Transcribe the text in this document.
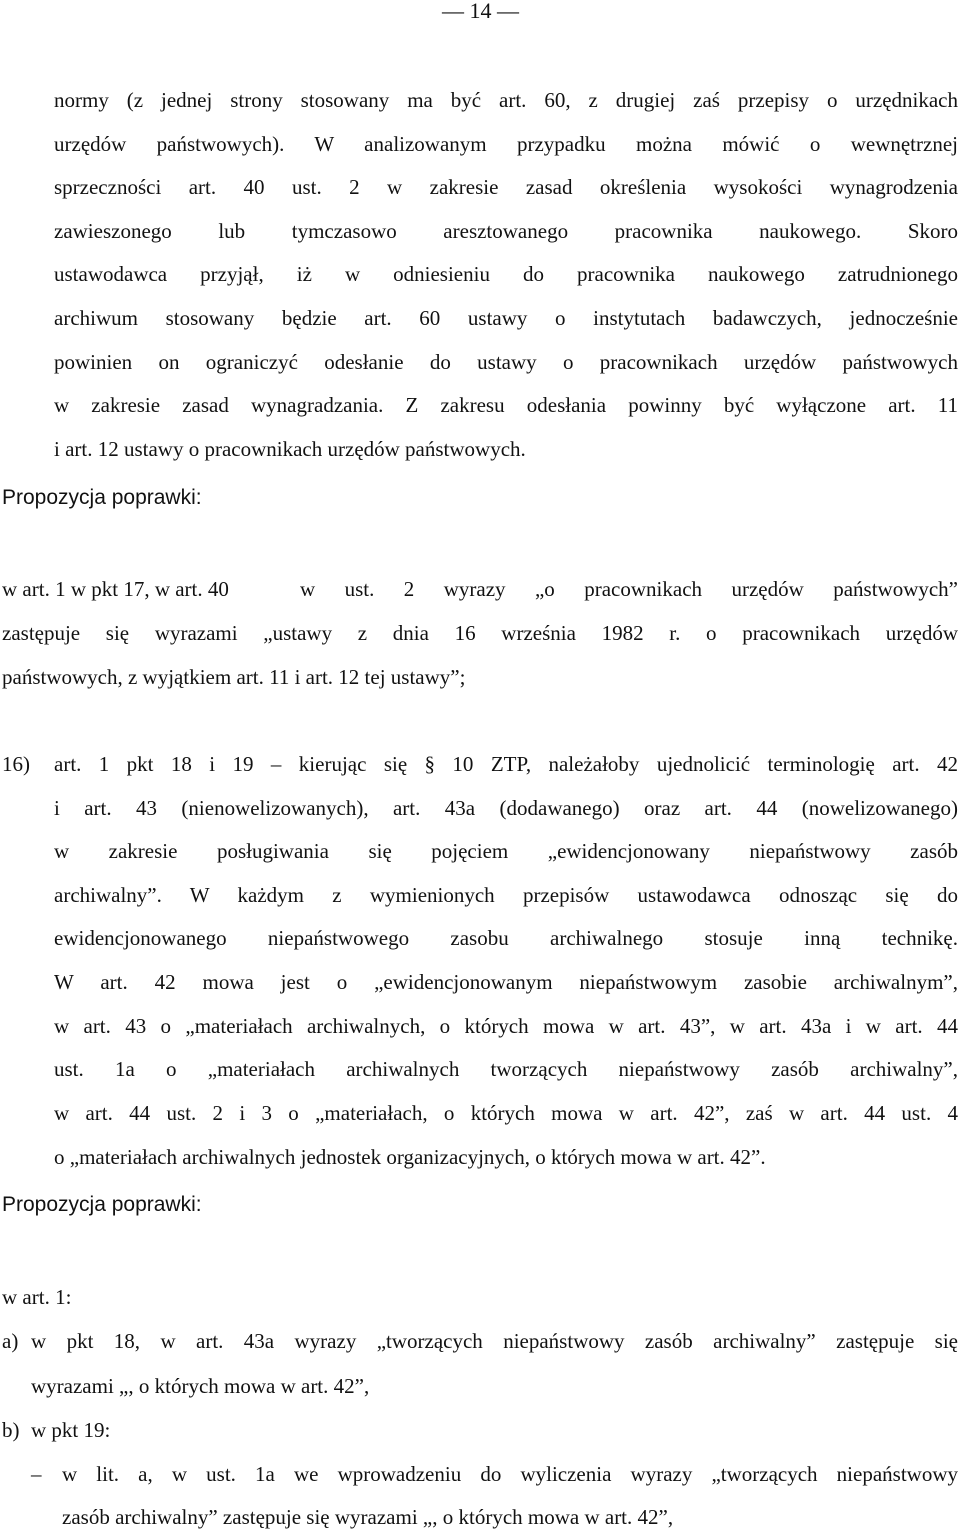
— 14 —
normy (z jednej strony stosowany ma być art. 60, z drugiej zaś przepisy o urzędnikach
urzędów państwowych). W analizowanym przypadku można mówić o wewnętrznej
sprzeczności art. 40 ust. 2 w zakresie zasad określenia wysokości wynagrodzenia
zawieszonego lub tymczasowo aresztowanego pracownika naukowego. Skoro
ustawodawca przyjął, iż w odniesieniu do pracownika naukowego zatrudnionego
archiwum stosowany będzie art. 60 ustawy o instytutach badawczych, jednocześnie
powinien on ograniczyć odesłanie do ustawy o pracownikach urzędów państwowych
w zakresie zasad wynagradzania. Z zakresu odesłania powinny być wyłączone art. 11
i art. 12 ustawy o pracownikach urzędów państwowych.
Propozycja poprawki:
w art. 1 w pkt 17, w art. 40	w ust. 2 wyrazy „o pracownikach urzędów państwowych”
zastępuje się wyrazami „ustawy z dnia 16 września 1982 r. o pracownikach urzędów
państwowych, z wyjątkiem art. 11 i art. 12 tej ustawy”;
16) art. 1 pkt 18 i 19 – kierując się § 10 ZTP, należałoby ujednolicić terminologię art. 42
i art. 43 (nienowelizowanych), art. 43a (dodawanego) oraz art. 44 (nowelizowanego)
w zakresie posługiwania się pojęciem „ewidencjonowany niepaństwowy zasób
archiwalny”. W każdym z wymienionych przepisów ustawodawca odnosząc się do
ewidencjonowanego niepaństwowego zasobu archiwalnego stosuje inną technikę.
W art. 42 mowa jest o „ewidencjonowanym niepaństwowym zasobie archiwalnym”,
w art. 43 o „materiałach archiwalnych, o których mowa w art. 43”, w art. 43a i w art. 44
ust. 1a o „materiałach archiwalnych tworzących niepaństwowy zasób archiwalny”,
w art. 44 ust. 2 i 3 o „materiałach, o których mowa w art. 42”, zaś w art. 44 ust. 4
o „materiałach archiwalnych jednostek organizacyjnych, o których mowa w art. 42”.
Propozycja poprawki:
w art. 1:
a) w pkt 18, w art. 43a wyrazy „tworzących niepaństwowy zasób archiwalny” zastępuje się
wyrazami „, o których mowa w art. 42”,
b) w pkt 19:
– w lit. a, w ust. 1a we wprowadzeniu do wyliczenia wyrazy „tworzących niepaństwowy
zasób archiwalny” zastępuje się wyrazami „, o których mowa w art. 42”,
